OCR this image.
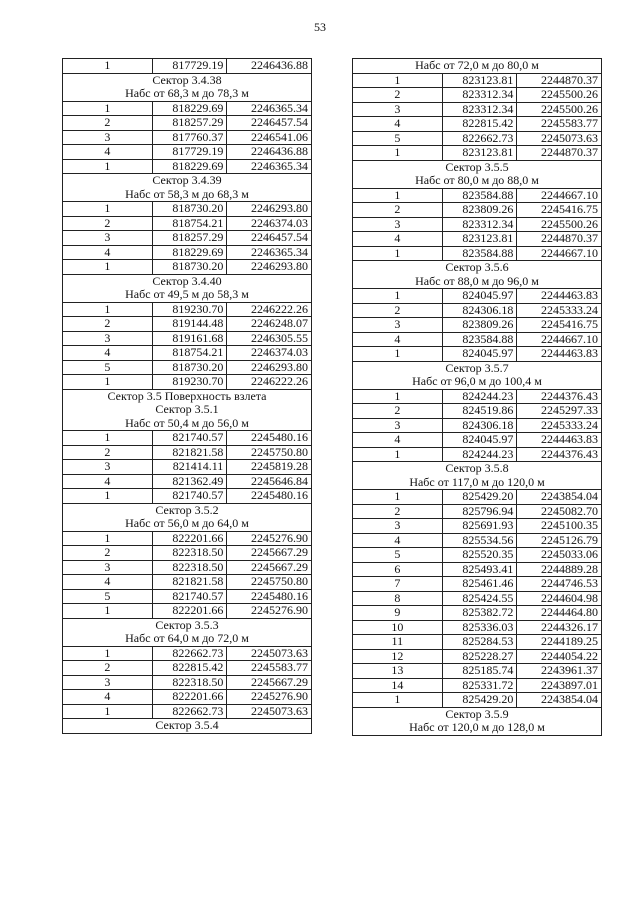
53
1	817729.19	2246436.88
Сектор 3.4.38		
Набс от 68,3 м до 78,3 м		
1	818229.69	2246365.34
2	818257.29	2246457.54
3	817760.37	2246541.06
4	817729.19	2246436.88
1	818229.69	2246365.34
Сектор 3.4.39		
Набс от 58,3 м до 68,3 м		
1	818730.20	2246293.80
2	818754.21	2246374.03
3	818257.29	2246457.54
4	818229.69	2246365.34
1	818730.20	2246293.80
Сектор 3.4.40		
Набс от 49,5 м до 58,3 м		
1	819230.70	2246222.26
2	819144.48	2246248.07
3	819161.68	2246305.55
4	818754.21	2246374.03
5	818730.20	2246293.80
1	819230.70	2246222.26
Сектор 3.5 Поверхность взлета		
Сектор 3.5.1		
Набс от 50,4 м до 56,0 м		
1	821740.57	2245480.16
2	821821.58	2245750.80
3	821414.11	2245819.28
4	821362.49	2245646.84
1	821740.57	2245480.16
Сектор 3.5.2		
Набс от 56,0 м до 64,0 м		
1	822201.66	2245276.90
2	822318.50	2245667.29
3	822318.50	2245667.29
4	821821.58	2245750.80
5	821740.57	2245480.16
1	822201.66	2245276.90
Сектор 3.5.3		
Набс от 64,0 м до 72,0 м		
1	822662.73	2245073.63
2	822815.42	2245583.77
3	822318.50	2245667.29
4	822201.66	2245276.90
1	822662.73	2245073.63
Сектор 3.5.4		
Набс от 72,0 м до 80,0 м		
1	823123.81	2244870.37
2	823312.34	2245500.26
3	823312.34	2245500.26
4	822815.42	2245583.77
5	822662.73	2245073.63
1	823123.81	2244870.37
Сектор 3.5.5		
Набс от 80,0 м до 88,0 м		
1	823584.88	2244667.10
2	823809.26	2245416.75
3	823312.34	2245500.26
4	823123.81	2244870.37
1	823584.88	2244667.10
Сектор 3.5.6		
Набс от 88,0 м до 96,0 м		
1	824045.97	2244463.83
2	824306.18	2245333.24
3	823809.26	2245416.75
4	823584.88	2244667.10
1	824045.97	2244463.83
Сектор 3.5.7		
Набс от 96,0 м до 100,4 м		
1	824244.23	2244376.43
2	824519.86	2245297.33
3	824306.18	2245333.24
4	824045.97	2244463.83
1	824244.23	2244376.43
Сектор 3.5.8		
Набс от 117,0 м до 120,0 м		
1	825429.20	2243854.04
2	825796.94	2245082.70
3	825691.93	2245100.35
4	825534.56	2245126.79
5	825520.35	2245033.06
6	825493.41	2244889.28
7	825461.46	2244746.53
8	825424.55	2244604.98
9	825382.72	2244464.80
10	825336.03	2244326.17
11	825284.53	2244189.25
12	825228.27	2244054.22
13	825185.74	2243961.37
14	825331.72	2243897.01
1	825429.20	2243854.04
Сектор 3.5.9		
Набс от 120,0 м до 128,0 м		
